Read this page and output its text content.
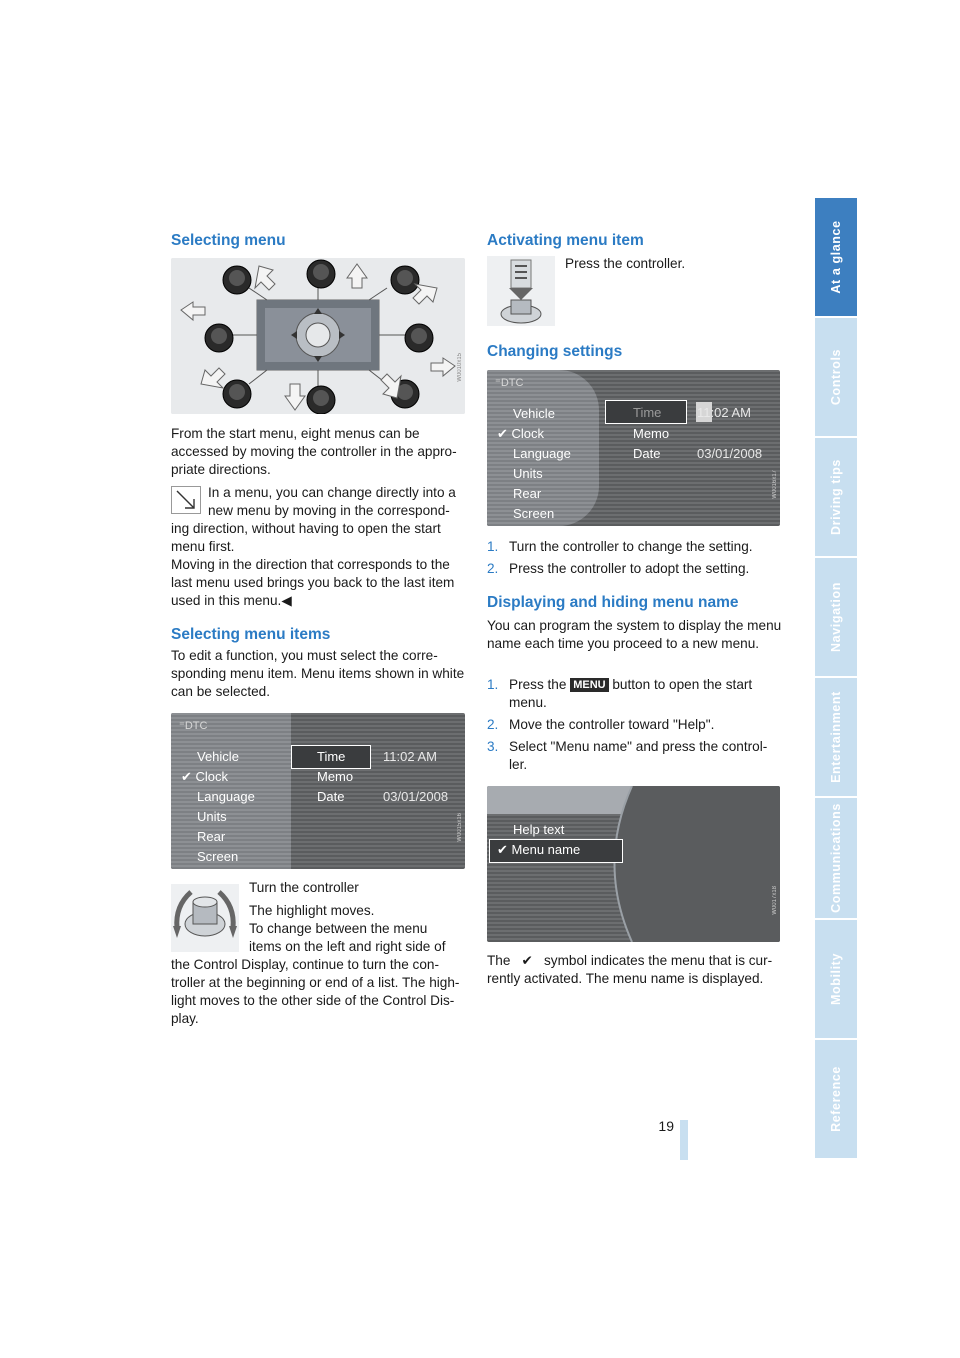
At a glance
Controls
Driving tips
Navigation
Entertainment
Communications
Mobility
Reference
Selecting menu
W0010x15

From the start menu, eight menus can be accessed by moving the controller in the appro-priate directions.

In a menu, you can change directly into a

new menu by moving in the correspond-

ing direction, without having to open the start menu first.

Moving in the direction that corresponds to the last menu used brings you back to the last item used in this menu.◀

Selecting menu items

To edit a function, you must select the corre-sponding menu item. Menu items shown in white can be selected.

⁼DTC
Vehicle
✔ Clock
Language
Units
Rear
Screen
Time
Memo
Date
11:02 AM
03/01/2008
W0015x16

Turn the controller

The highlight moves.

To change between the menu

items on the left and right side of

the Control Display, continue to turn the con-troller at the beginning or end of a list. The high-light moves to the other side of the Control Dis-play.

Activating menu item

Press the controller.

Changing settings
⁼DTC
Vehicle
✔ Clock
Language
Units
Rear
Screen
Time
Memo
Date
11:02 AM
03/01/2008
W0016x17
1. Turn the controller to change the setting.
2. Press the controller to adopt the setting.
Displaying and hiding menu name

You can program the system to display the menu name each time you proceed to a new menu.

1. Press the MENU button to open the start
menu.
2. Move the controller toward "Help".
3. Select "Menu name" and press the control-
ler.
Help text
✔ Menu name
W0017x18

The ✔ symbol indicates the menu that is cur-

rently activated. The menu name is displayed.

19
